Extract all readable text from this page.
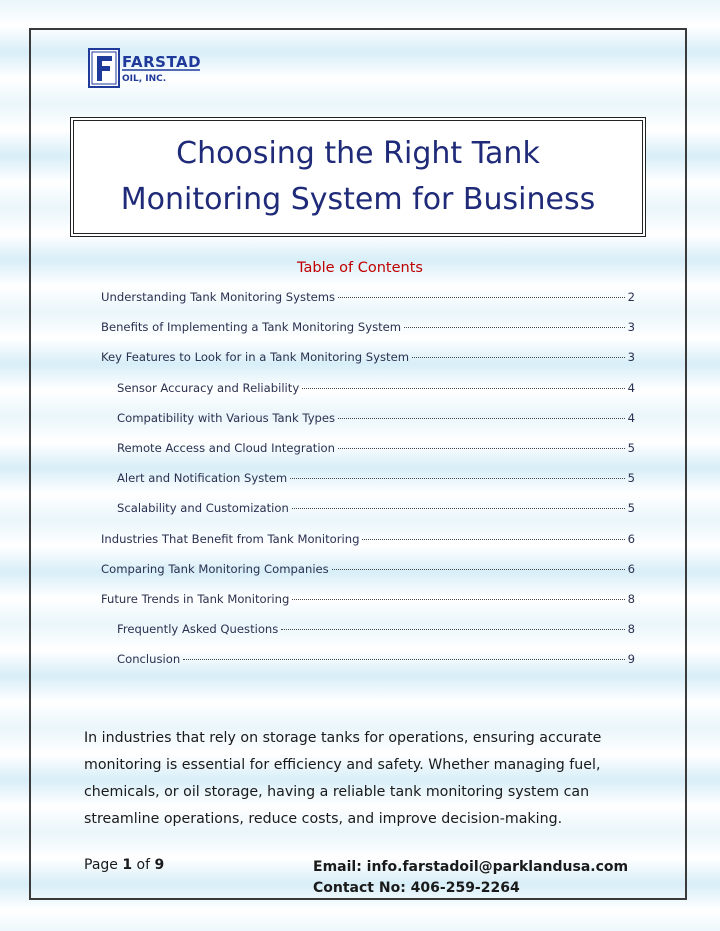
FARSTAD
OIL, INC.
Choosing the Right Tank
Monitoring System for Business
Table of Contents
Understanding Tank Monitoring Systems	2
Benefits of Implementing a Tank Monitoring System	3
Key Features to Look for in a Tank Monitoring System	3
Sensor Accuracy and Reliability	4
Compatibility with Various Tank Types	4
Remote Access and Cloud Integration	5
Alert and Notification System	5
Scalability and Customization	5
Industries That Benefit from Tank Monitoring	6
Comparing Tank Monitoring Companies	6
Future Trends in Tank Monitoring	8
Frequently Asked Questions	8
Conclusion	9

In industries that rely on storage tanks for operations, ensuring accurate monitoring is essential for efficiency and safety. Whether managing fuel, chemicals, or oil storage, having a reliable tank monitoring system can streamline operations, reduce costs, and improve decision-making.

Page 1 of 9	Email: info.farstadoil@parklandusa.com
Contact No: 406-259-2264
